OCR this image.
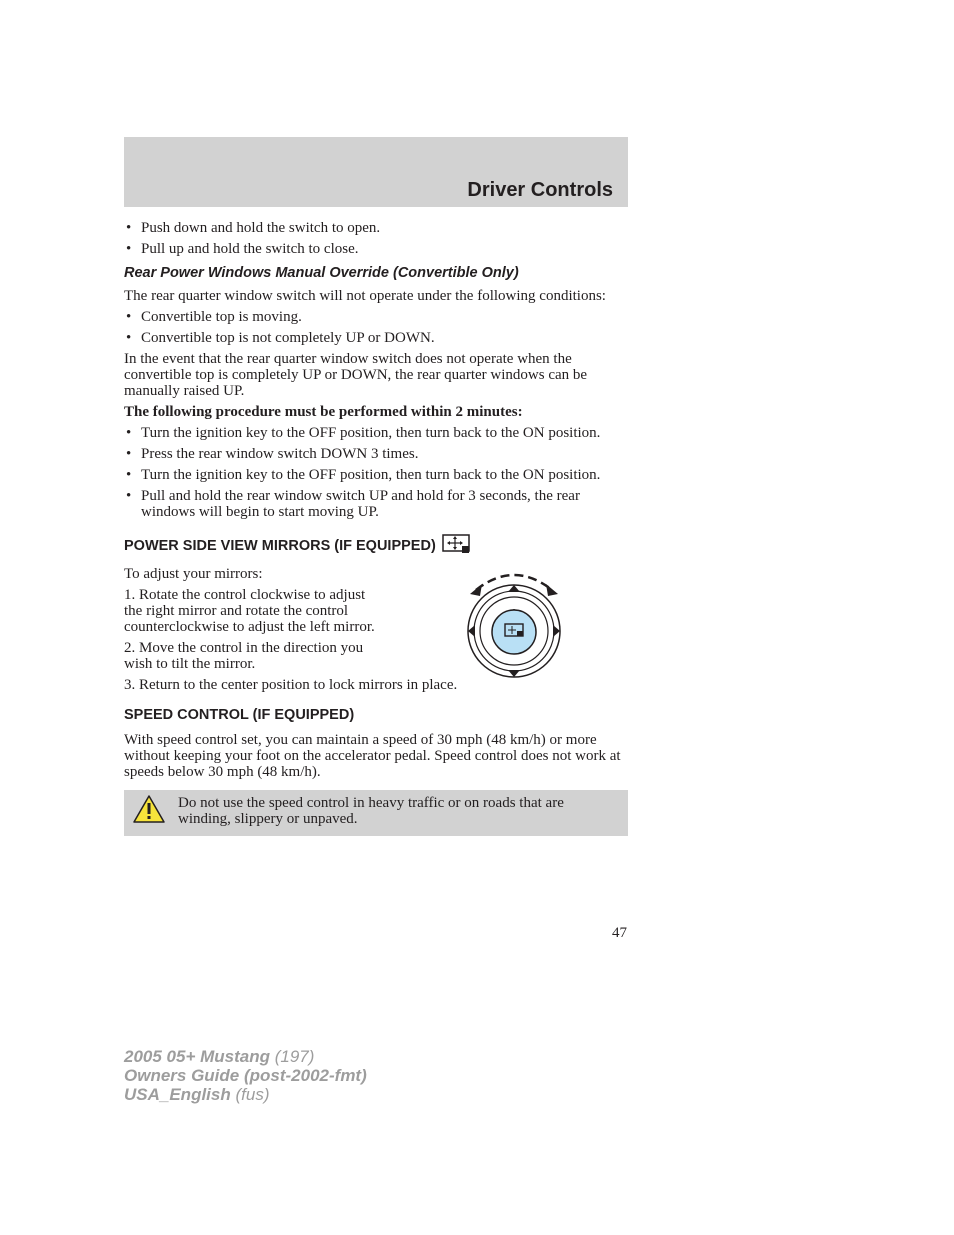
Driver Controls
• Push down and hold the switch to open.
• Pull up and hold the switch to close.
Rear Power Windows Manual Override (Convertible Only)
The rear quarter window switch will not operate under the following conditions:
• Convertible top is moving.
• Convertible top is not completely UP or DOWN.
In the event that the rear quarter window switch does not operate when the convertible top is completely UP or DOWN, the rear quarter windows can be manually raised UP.
The following procedure must be performed within 2 minutes:
• Turn the ignition key to the OFF position, then turn back to the ON position.
• Press the rear window switch DOWN 3 times.
• Turn the ignition key to the OFF position, then turn back to the ON position.
• Pull and hold the rear window switch UP and hold for 3 seconds, the rear windows will begin to start moving UP.
POWER SIDE VIEW MIRRORS (IF EQUIPPED)
To adjust your mirrors:
1. Rotate the control clockwise to adjust the right mirror and rotate the control counterclockwise to adjust the left mirror.
2. Move the control in the direction you wish to tilt the mirror.
3. Return to the center position to lock mirrors in place.
SPEED CONTROL (IF EQUIPPED)
With speed control set, you can maintain a speed of 30 mph (48 km/h) or more without keeping your foot on the accelerator pedal. Speed control does not work at speeds below 30 mph (48 km/h).
Do not use the speed control in heavy traffic or on roads that are winding, slippery or unpaved.
47
2005 05+ Mustang (197)
Owners Guide (post-2002-fmt)
USA_English (fus)
